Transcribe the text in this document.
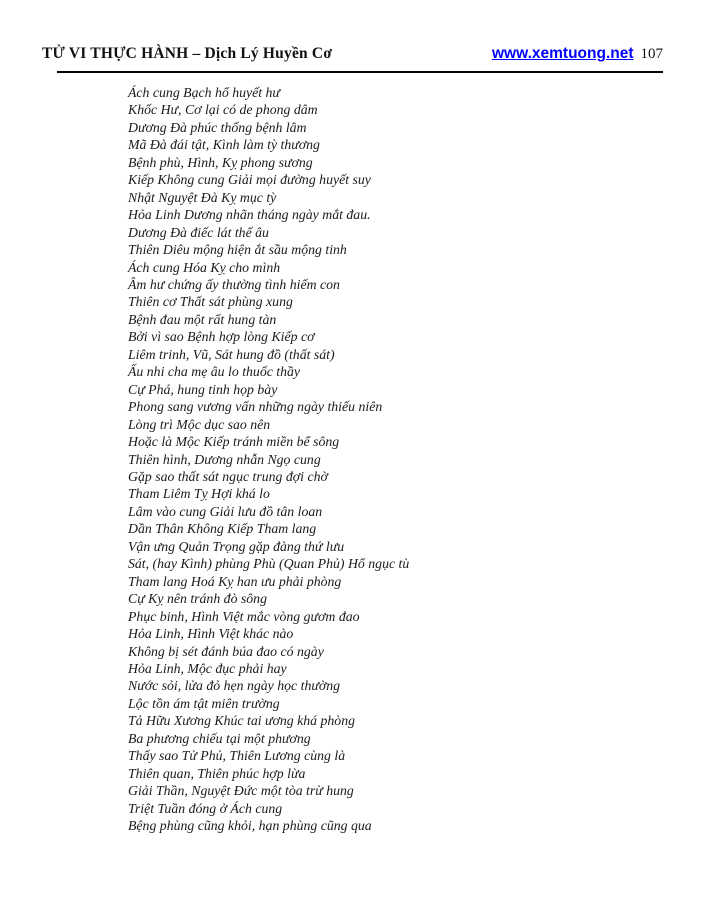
TỬ VI THỰC HÀNH – Dịch Lý Huyền Cơ	www.xemtuong.net 107
Ách cung Bạch hổ huyết hư
Khốc Hư, Cơ lại có de phong dâm
Dương Đà phúc thống bệnh lâm
Mã Đà đái tật, Kình làm tỳ thương
Bệnh phù, Hình, Kỵ phong sương
Kiếp Không cung Giải mọi đường huyết suy
Nhật Nguyệt Đà Kỵ mục tỳ
Hỏa Linh Dương nhãn tháng ngày mắt đau.
Dương Đà điếc lát thế âu
Thiên Diêu mộng hiện ắt sầu mộng tinh
Ách cung Hóa Kỵ cho mình
Âm hư chứng ấy thường tình hiếm con
Thiên cơ Thất sát phùng xung
Bệnh đau một rất hung tàn
Bởi vì sao Bệnh hợp lòng Kiếp cơ
Liêm trinh, Vũ, Sát hung đồ (thất sát)
Ấu nhi cha mẹ âu lo thuốc thầy
Cự Phá, hung tinh họp bày
Phong sang vương vấn những ngày thiếu niên
Lòng trì Mộc dục sao nên
Hoặc là Mộc Kiếp tránh miền bể sông
Thiên hình, Dương nhẫn Ngọ cung
Gặp sao thất sát ngục trung đợi chờ
Tham Liêm Tỵ Hợi khá lo
Lâm vào cung Giải lưu đồ tân loan
Dần Thân Không Kiếp Tham lang
Vận ưng Quản Trọng gặp đàng thứ lưu
Sát, (hay Kình) phùng Phù (Quan Phủ) Hổ ngục tù
Tham lang Hoá Kỵ han ưu phải phòng
Cự Kỵ nên tránh đò sông
Phục binh, Hình Việt mắc vòng gươm đao
Hỏa Linh, Hình Việt khác nào
Không bị sét đánh búa đao có ngày
Hỏa Linh, Mộc đục phải hay
Nước sỏi, lửa đỏ hẹn ngày học thường
Lộc tồn ám tật miên trường
Tả Hữu Xương Khúc tai ương khá phòng
Ba phương chiếu tại một phương
Thấy sao Tử Phủ, Thiên Lương cùng là
Thiên quan, Thiên phúc hợp lừa
Giải Thần, Nguyệt Đức một tòa trừ hung
Triệt Tuần đóng ở Ách cung
Bệng phùng cũng khỏi, hạn phùng cũng qua
